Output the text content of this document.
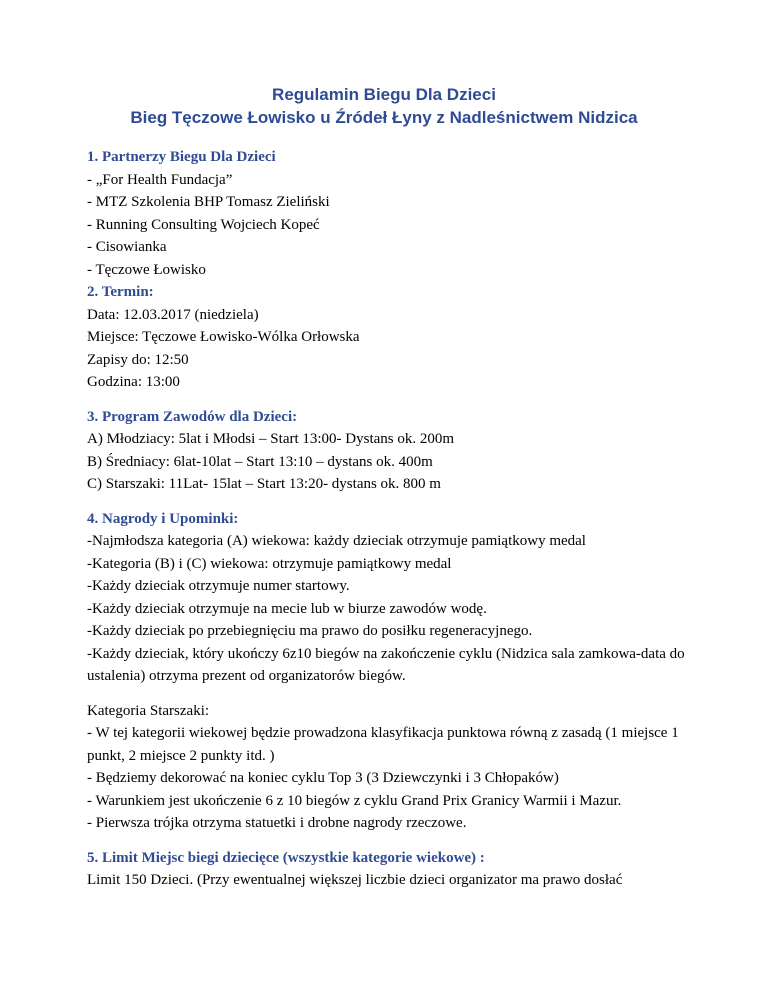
Regulamin Biegu Dla Dzieci
Bieg Tęczowe Łowisko u Źródeł Łyny z Nadleśnictwem Nidzica
1. Partnerzy Biegu Dla Dzieci
- „For Health Fundacja”
- MTZ Szkolenia BHP Tomasz Zieliński
- Running Consulting Wojciech Kopeć
- Cisowianka
- Tęczowe Łowisko
2. Termin:
Data: 12.03.2017 (niedziela)
Miejsce: Tęczowe Łowisko-Wólka Orłowska
Zapisy do: 12:50
Godzina: 13:00
3. Program Zawodów dla Dzieci:
A) Młodziacy: 5lat i Młodsi – Start 13:00- Dystans ok. 200m
B) Średniacy: 6lat-10lat – Start 13:10 – dystans ok. 400m
C) Starszaki: 11Lat- 15lat – Start 13:20- dystans ok. 800 m
4. Nagrody i Upominki:
-Najmłodsza kategoria (A) wiekowa: każdy dzieciak otrzymuje pamiątkowy medal
-Kategoria (B) i (C) wiekowa: otrzymuje pamiątkowy medal
-Każdy dzieciak otrzymuje numer startowy.
-Każdy dzieciak otrzymuje na mecie lub w biurze zawodów wodę.
-Każdy dzieciak po przebiegnięciu ma prawo do posiłku regeneracyjnego.
-Każdy dzieciak, który ukończy 6z10 biegów na zakończenie cyklu (Nidzica sala zamkowa-data do ustalenia) otrzyma prezent od organizatorów biegów.
Kategoria Starszaki:
- W tej kategorii wiekowej będzie prowadzona klasyfikacja punktowa równą z zasadą (1 miejsce 1 punkt, 2 miejsce 2 punkty itd. )
- Będziemy dekorować na koniec cyklu Top 3 (3 Dziewczynki i 3 Chłopaków)
- Warunkiem jest ukończenie 6 z 10 biegów z cyklu Grand Prix Granicy Warmii i Mazur.
- Pierwsza trójka otrzyma statuetki i drobne nagrody rzeczowe.
5. Limit Miejsc biegi dziecięce (wszystkie kategorie wiekowe) :
Limit 150 Dzieci. (Przy ewentualnej większej liczbie dzieci organizator ma prawo dosłać
